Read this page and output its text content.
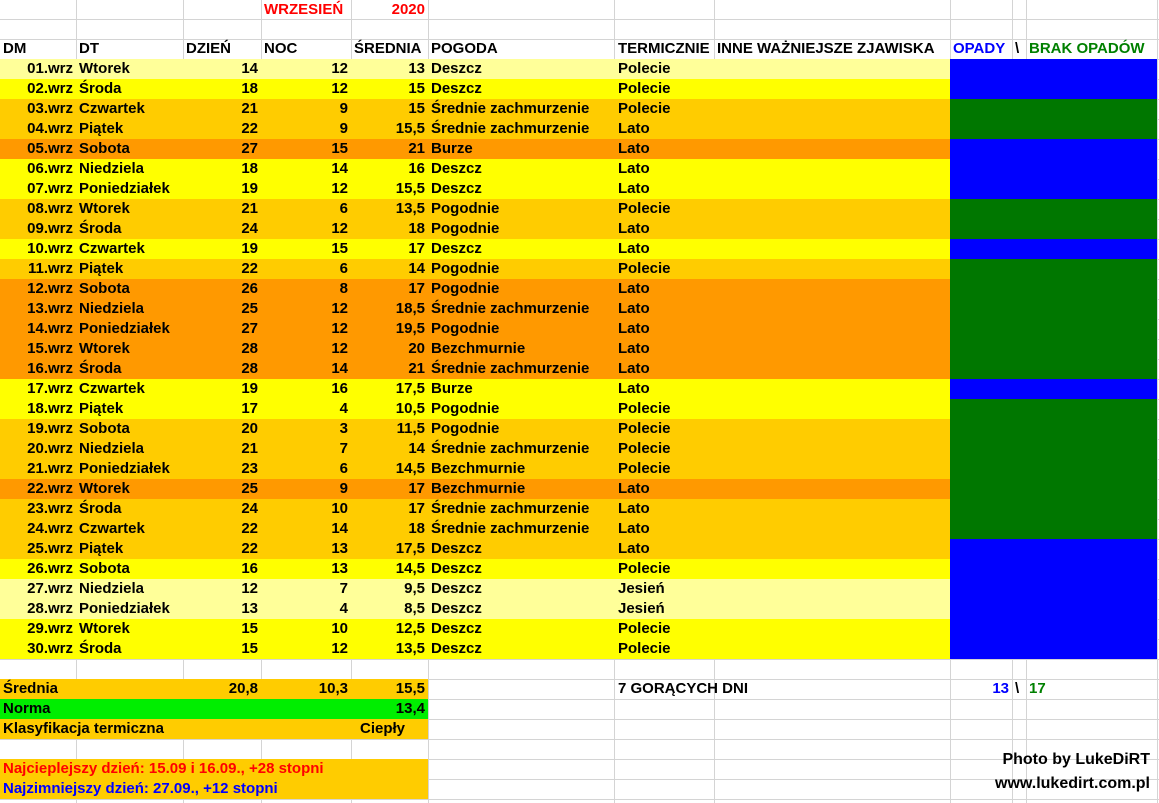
WRZESIEŃ	2020
DM	DT	DZIEŃ	NOC	ŚREDNIA POGODA	TERMICZNIE INNE WAŻNIEJSZE ZJAWISKA	OPADY \ BRAK OPADÓW
01.wrz Wtorek	14	12	13 Deszcz	Polecie
02.wrz Środa	18	12	15 Deszcz	Polecie
03.wrz Czwartek	21	9	15 Średnie zachmurzenie	Polecie
04.wrz Piątek	22	9	15,5 Średnie zachmurzenie	Lato
05.wrz Sobota	27	15	21 Burze	Lato
06.wrz Niedziela	18	14	16 Deszcz	Lato
07.wrz Poniedziałek	19	12	15,5 Deszcz	Lato
08.wrz Wtorek	21	6	13,5 Pogodnie	Polecie
09.wrz Środa	24	12	18 Pogodnie	Lato
10.wrz Czwartek	19	15	17 Deszcz	Lato
11.wrz Piątek	22	6	14 Pogodnie	Polecie
12.wrz Sobota	26	8	17 Pogodnie	Lato
13.wrz Niedziela	25	12	18,5 Średnie zachmurzenie	Lato
14.wrz Poniedziałek	27	12	19,5 Pogodnie	Lato
15.wrz Wtorek	28	12	20 Bezchmurnie	Lato
16.wrz Środa	28	14	21 Średnie zachmurzenie	Lato
17.wrz Czwartek	19	16	17,5 Burze	Lato
18.wrz Piątek	17	4	10,5 Pogodnie	Polecie
19.wrz Sobota	20	3	11,5 Pogodnie	Polecie
20.wrz Niedziela	21	7	14 Średnie zachmurzenie	Polecie
21.wrz Poniedziałek	23	6	14,5 Bezchmurnie	Polecie
22.wrz Wtorek	25	9	17 Bezchmurnie	Lato
23.wrz Środa	24	10	17 Średnie zachmurzenie	Lato
24.wrz Czwartek	22	14	18 Średnie zachmurzenie	Lato
25.wrz Piątek	22	13	17,5 Deszcz	Lato
26.wrz Sobota	16	13	14,5 Deszcz	Polecie
27.wrz Niedziela	12	7	9,5 Deszcz	Jesień
28.wrz Poniedziałek	13	4	8,5 Deszcz	Jesień
29.wrz Wtorek	15	10	12,5 Deszcz	Polecie
30.wrz Środa	15	12	13,5 Deszcz	Polecie
Średnia	20,8	10,3	15,5	7 GORĄCYCH DNI	13 \ 17
Norma	13,4
Klasyfikacja termiczna	Ciepły
Najcieplejszy dzień: 15.09 i 16.09., +28 stopni
Najzimniejszy dzień: 27.09., +12 stopni
Photo by LukeDiRT
www.lukedirt.com.pl
